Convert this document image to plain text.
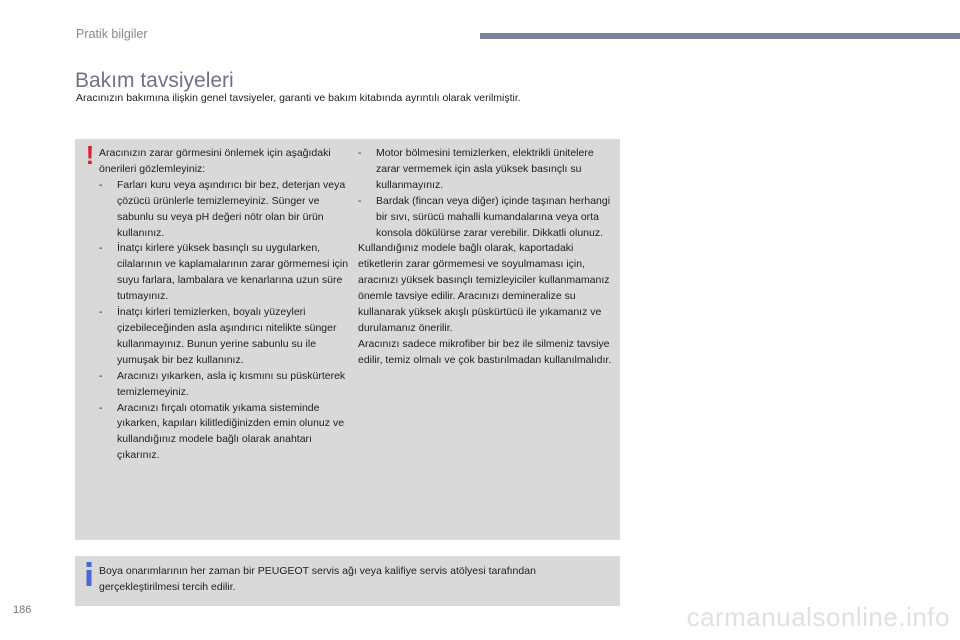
Pratik bilgiler
Bakım tavsiyeleri
Aracınızın bakımına ilişkin genel tavsiyeler, garanti ve bakım kitabında ayrıntılı olarak verilmiştir.
! Aracınızın zarar görmesini önlemek için aşağıdaki önerileri gözlemleyiniz:

- Farları kuru veya aşındırıcı bir bez, deterjan veya çözücü ürünlerle temizlemeyiniz. Sünger ve sabunlu su veya pH değeri nötr olan bir ürün kullanınız.
- İnatçı kirlere yüksek basınçlı su uygularken, cilalarının ve kaplamalarının zarar görmemesi için suyu farlara, lambalara ve kenarlarına uzun süre tutmayınız.
- İnatçı kirleri temizlerken, boyalı yüzeyleri çizebileceğinden asla aşındırıcı nitelikte sünger kullanmayınız. Bunun yerine sabunlu su ile yumuşak bir bez kullanınız.
- Aracınızı yıkarken, asla iç kısmını su püskürterek temizlemeyiniz.
- Aracınızı fırçalı otomatik yıkama sisteminde yıkarken, kapıları kilitlediğinizden emin olunuz ve kullandığınız modele bağlı olarak anahtarı çıkarınız.
- Motor bölmesini temizlerken, elektrikli ünitelere zarar vermemek için asla yüksek basınçlı su kullanmayınız.
- Bardak (fincan veya diğer) içinde taşınan herhangi bir sıvı, sürücü mahalli kumandalarına veya orta konsola dökülürse zarar verebilir. Dikkatli olunuz.

Kullandığınız modele bağlı olarak, kaportadaki etiketlerin zarar görmemesi ve soyulmaması için, aracınızı yüksek basınçlı temizleyiciler kullanmamanız önemle tavsiye edilir. Aracınızı demineralize su kullanarak yüksek akışlı püskürtücü ile yıkamanız ve durulamanız önerilir.

Aracınızı sadece mikrofiber bir bez ile silmeniz tavsiye edilir, temiz olmalı ve çok bastırılmadan kullanılmalıdır.

Boya onarımlarının her zaman bir PEUGEOT servis ağı veya kalifiye servis atölyesi tarafından gerçekleştirilmesi tercih edilir.
186	carmanualsonline.info
